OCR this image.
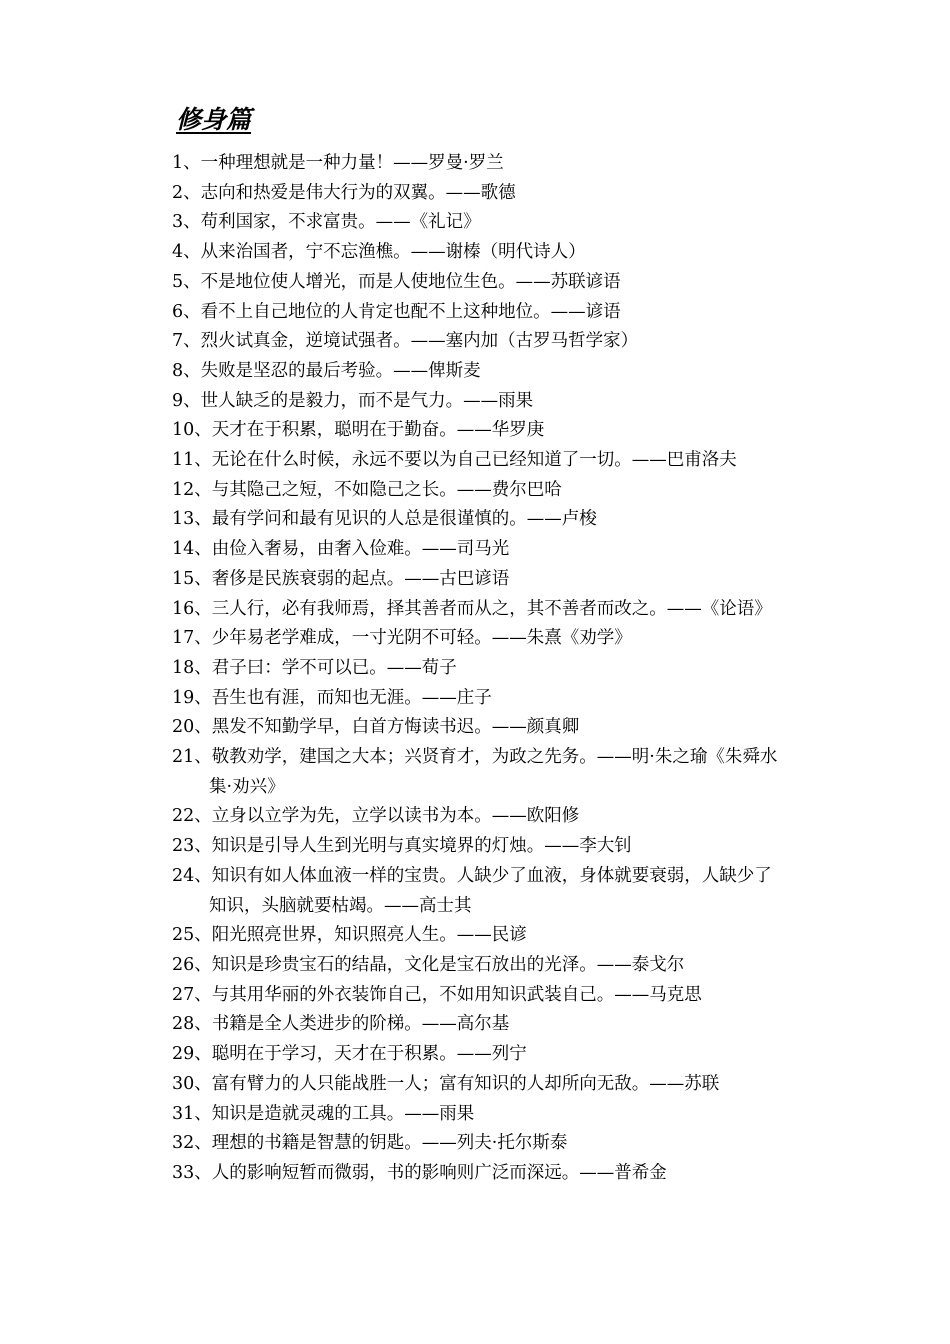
修身篇
1、一种理想就是一种力量！——罗曼·罗兰
2、志向和热爱是伟大行为的双翼。——歌德
3、苟利国家，不求富贵。——《礼记》
4、从来治国者，宁不忘渔樵。——谢榛（明代诗人）
5、不是地位使人增光，而是人使地位生色。——苏联谚语
6、看不上自己地位的人肯定也配不上这种地位。——谚语
7、烈火试真金，逆境试强者。——塞内加（古罗马哲学家）
8、失败是坚忍的最后考验。——俾斯麦
9、世人缺乏的是毅力，而不是气力。——雨果
10、天才在于积累，聪明在于勤奋。——华罗庚
11、无论在什么时候，永远不要以为自己已经知道了一切。——巴甫洛夫
12、与其隐己之短，不如隐己之长。——费尔巴哈
13、最有学问和最有见识的人总是很谨慎的。——卢梭
14、由俭入奢易，由奢入俭难。——司马光
15、奢侈是民族衰弱的起点。——古巴谚语
16、三人行，必有我师焉，择其善者而从之，其不善者而改之。——《论语》
17、少年易老学难成，一寸光阴不可轻。——朱熹《劝学》
18、君子曰：学不可以已。——荀子
19、吾生也有涯，而知也无涯。——庄子
20、黑发不知勤学早，白首方悔读书迟。——颜真卿
21、敬教劝学，建国之大本；兴贤育才，为政之先务。——明·朱之瑜《朱舜水
集·劝兴》
22、立身以立学为先，立学以读书为本。——欧阳修
23、知识是引导人生到光明与真实境界的灯烛。——李大钊
24、知识有如人体血液一样的宝贵。人缺少了血液，身体就要衰弱，人缺少了
知识，头脑就要枯竭。——高士其
25、阳光照亮世界，知识照亮人生。——民谚
26、知识是珍贵宝石的结晶，文化是宝石放出的光泽。——泰戈尔
27、与其用华丽的外衣装饰自己，不如用知识武装自己。——马克思
28、书籍是全人类进步的阶梯。——高尔基
29、聪明在于学习，天才在于积累。——列宁
30、富有臂力的人只能战胜一人；富有知识的人却所向无敌。——苏联
31、知识是造就灵魂的工具。——雨果
32、理想的书籍是智慧的钥匙。——列夫·托尔斯泰
33、人的影响短暂而微弱，书的影响则广泛而深远。——普希金
